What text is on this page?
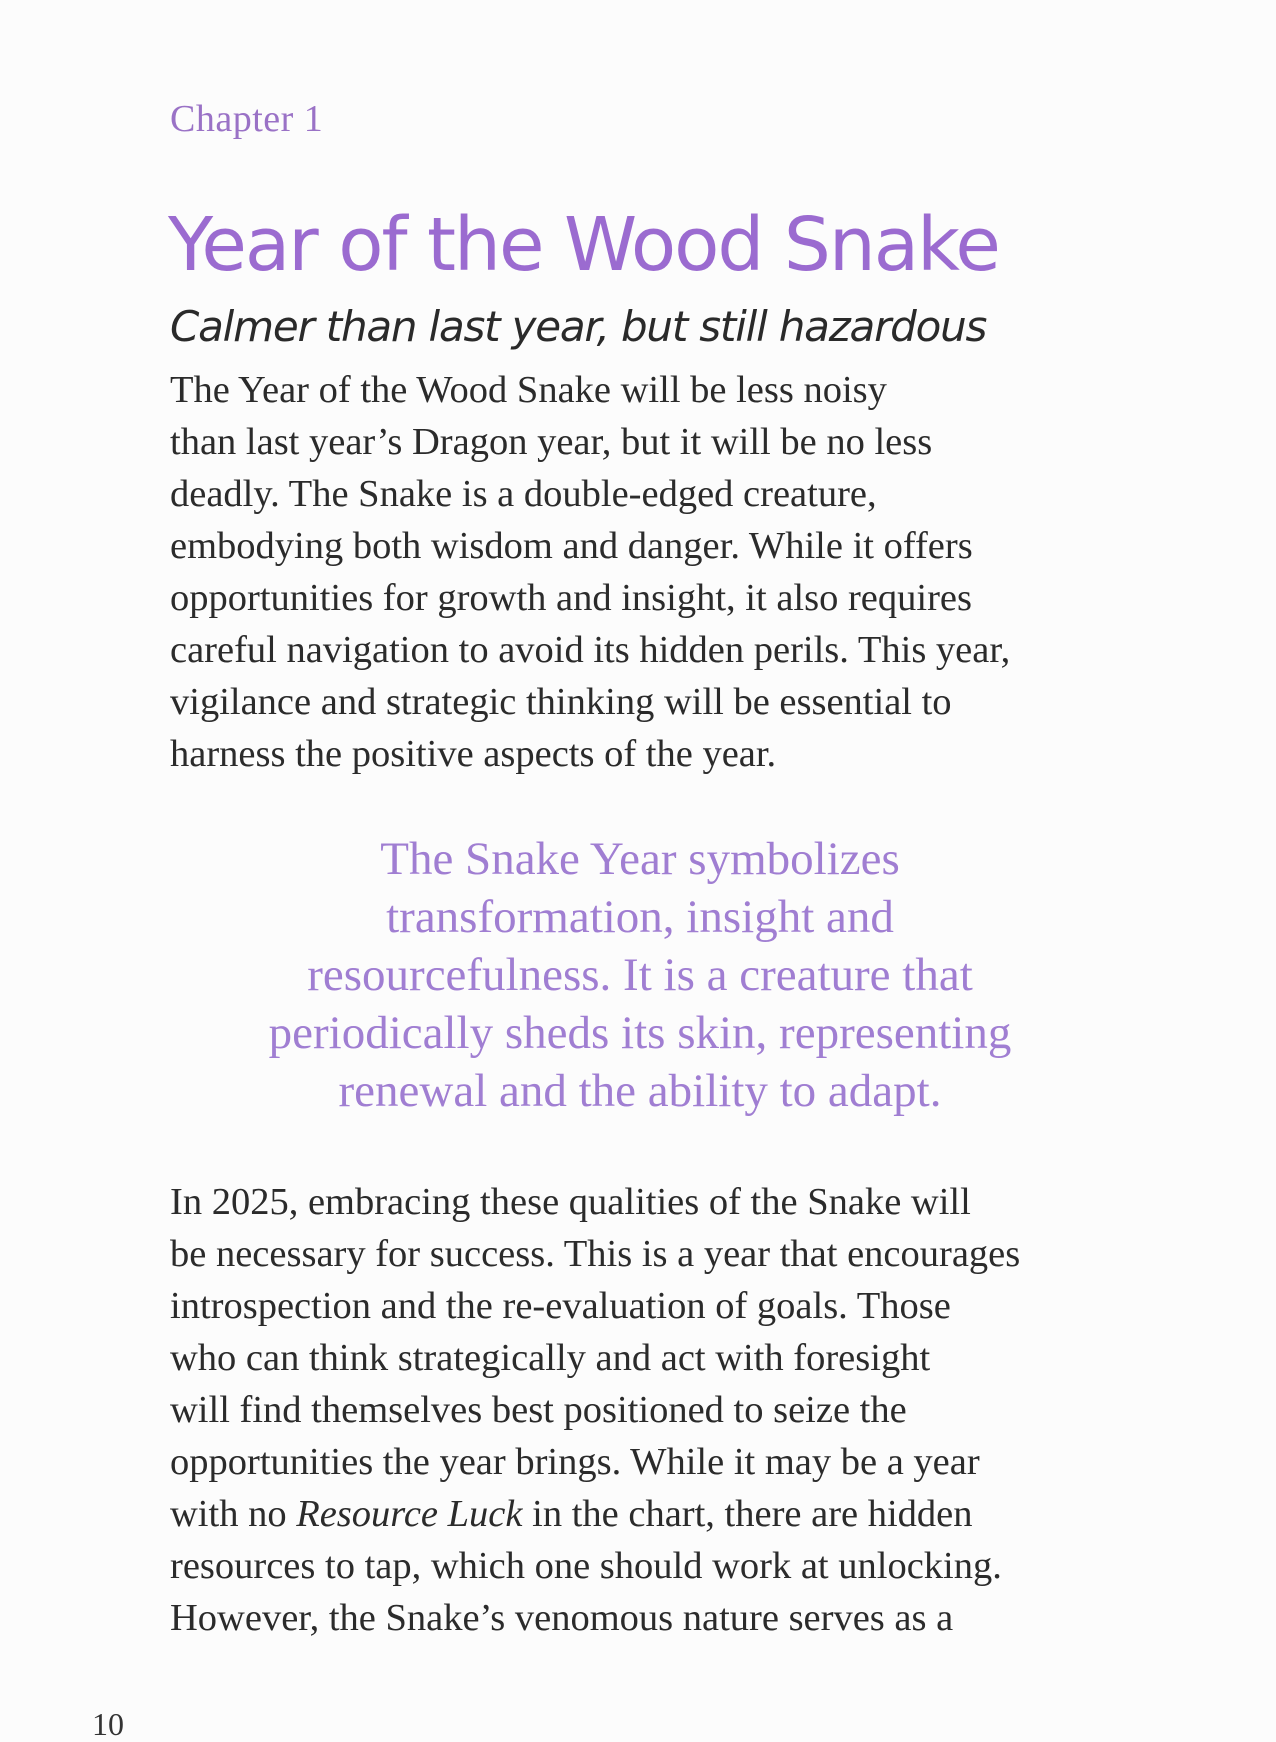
Chapter 1
Year of the Wood Snake
Calmer than last year, but still hazardous

The Year of the Wood Snake will be less noisy
than last year’s Dragon year, but it will be no less
deadly. The Snake is a double-edged creature,
embodying both wisdom and danger. While it offers
opportunities for growth and insight, it also requires
careful navigation to avoid its hidden perils. This year,
vigilance and strategic thinking will be essential to
harness the positive aspects of the year.

The Snake Year symbolizes
transformation, insight and
resourcefulness. It is a creature that
periodically sheds its skin, representing
renewal and the ability to adapt.

In 2025, embracing these qualities of the Snake will
be necessary for success. This is a year that encourages
introspection and the re-evaluation of goals. Those
who can think strategically and act with foresight
will find themselves best positioned to seize the
opportunities the year brings. While it may be a year
with no Resource Luck in the chart, there are hidden
resources to tap, which one should work at unlocking.
However, the Snake’s venomous nature serves as a

10
